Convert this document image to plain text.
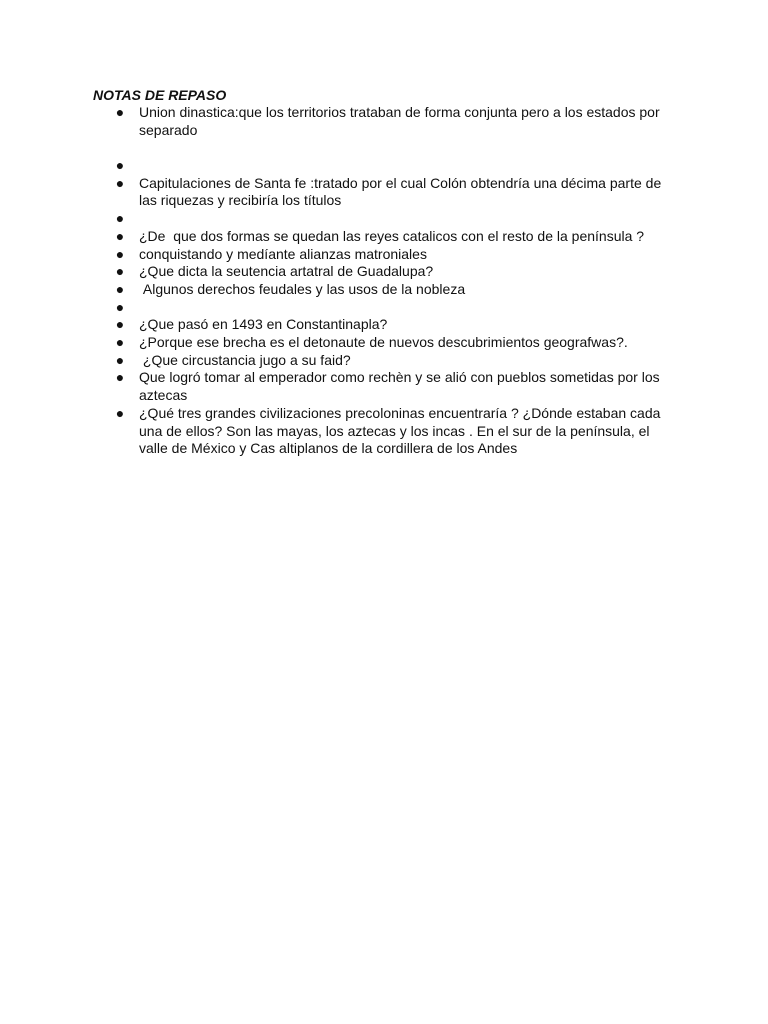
NOTAS DE REPASO

● Union dinastica:que los territorios trataban de forma conjunta pero a los estados por separado
●
● Capitulaciones de Santa fe :tratado por el cual Colón obtendría una décima parte de las riquezas y recibiría los títulos
●
● ¿De  que dos formas se quedan las reyes catalicos con el resto de la península ?
● conquistando y medíante alianzas matroniales
● ¿Que dicta la seutencia artatral de Guadalupa?
● Algunos derechos feudales y las usos de la nobleza
●
● ¿Que pasó en 1493 en Constantinapla?
● ¿Porque ese brecha es el detonaute de nuevos descubrimientos geografwas?.
● ¿Que circustancia jugo a su faid?
● Que logró tomar al emperador como rechèn y se alió con pueblos sometidas por los aztecas
● ¿Qué tres grandes civilizaciones precoloninas encuentraría ? ¿Dónde estaban cada una de ellos? Son las mayas, los aztecas y los incas . En el sur de la península, el valle de México y Cas altiplanos de la cordillera de los Andes
